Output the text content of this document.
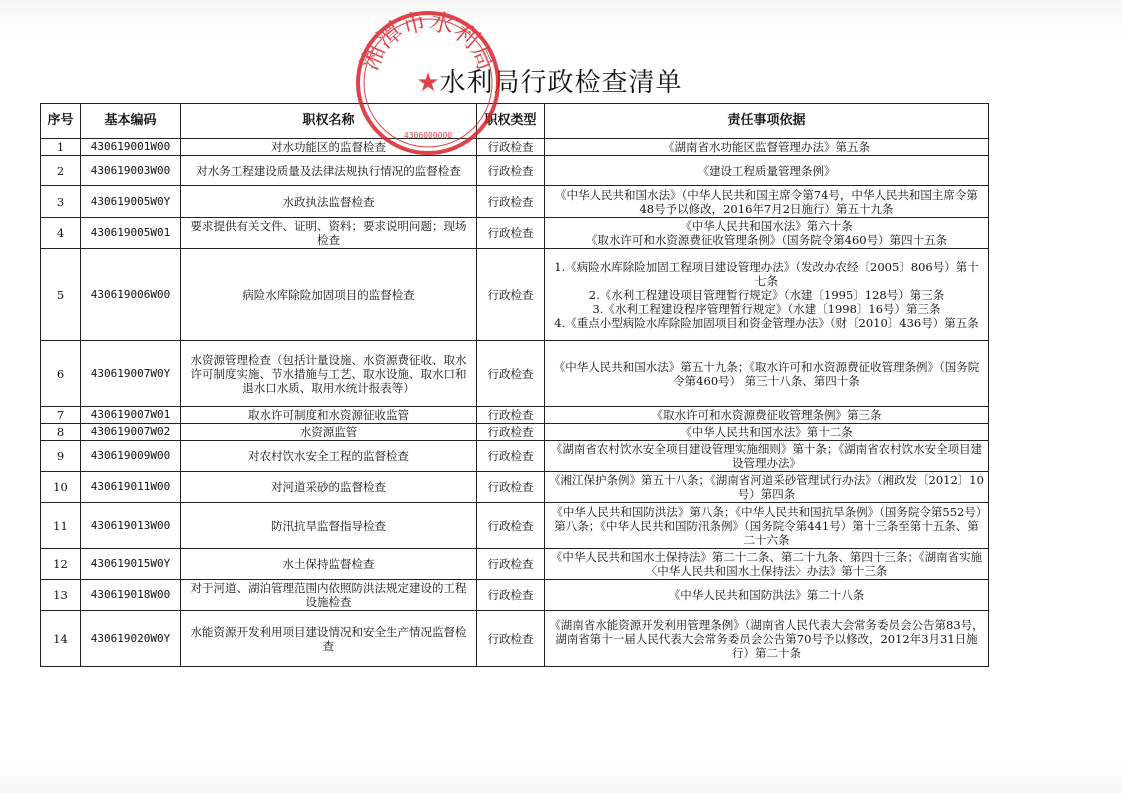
水利局行政检查清单
湘潭市水利局
★
4306000000
序号	基本编码	职权名称	职权类型	责任事项依据
1	430619001W00	对水功能区的监督检查	行政检查	《湖南省水功能区监督管理办法》第五条

2	430619003W00	对水务工程建设质量及法律法规执行情况的监督检查	行政检查	《建设工程质量管理条例》

3	430619005W0Y	水政执法监督检查	行政检查	《中华人民共和国水法》（中华人民共和国主席令第74号，中华人民共和国主席令第48号予以修改，2016年7月2日施行）第五十九条

4	430619005W01	要求提供有关文件、证明、资料；要求说明问题；现场检查	行政检查	《中华人民共和国水法》第六十条
《取水许可和水资源费征收管理条例》（国务院令第460号）第四十五条

5	430619006W00	病险水库除险加固项目的监督检查	行政检查	1.《病险水库除险加固工程项目建设管理办法》（发改办农经〔2005〕806号）第十七条
2.《水利工程建设项目管理暂行规定》（水建〔1995〕128号）第三条
3.《水利工程建设程序管理暂行规定》（水建〔1998〕16号）第三条
4.《重点小型病险水库除险加固项目和资金管理办法》（财〔2010〕436号）第五条

6	430619007W0Y	水资源管理检查（包括计量设施、水资源费征收、取水许可制度实施、节水措施与工艺、取水设施、取水口和退水口水质、取用水统计报表等）	行政检查	《中华人民共和国水法》第五十九条；《取水许可和水资源费征收管理条例》（国务院令第460号） 第三十八条、第四十条

7	430619007W01	取水许可制度和水资源征收监管	行政检查	《取水许可和水资源费征收管理条例》第三条

8	430619007W02	水资源监管	行政检查	《中华人民共和国水法》第十二条

9	430619009W00	对农村饮水安全工程的监督检查	行政检查	《湖南省农村饮水安全项目建设管理实施细则》第十条；《湖南省农村饮水安全项目建设管理办法》

10	430619011W00	对河道采砂的监督检查	行政检查	《湘江保护条例》第五十八条；《湖南省河道采砂管理试行办法》（湘政发〔2012〕10号）第四条

11	430619013W00	防汛抗旱监督指导检查	行政检查	《中华人民共和国防洪法》第八条；《中华人民共和国抗旱条例》（国务院令第552号）第八条；《中华人民共和国防汛条例》（国务院令第441号）第十三条至第十五条、第二十六条

12	430619015W0Y	水土保持监督检查	行政检查	《中华人民共和国水土保持法》第二十二条、第二十九条、第四十三条；《湖南省实施〈中华人民共和国水土保持法〉办法》第十三条

13	430619018W00	对于河道、湖泊管理范围内依照防洪法规定建设的工程设施检查	行政检查	《中华人民共和国防洪法》第二十八条

14	430619020W0Y	水能资源开发利用项目建设情况和安全生产情况监督检查	行政检查	《湖南省水能资源开发利用管理条例》（湖南省人民代表大会常务委员会公告第83号，湖南省第十一届人民代表大会常务委员会公告第70号予以修改，2012年3月31日施行）第二十条
